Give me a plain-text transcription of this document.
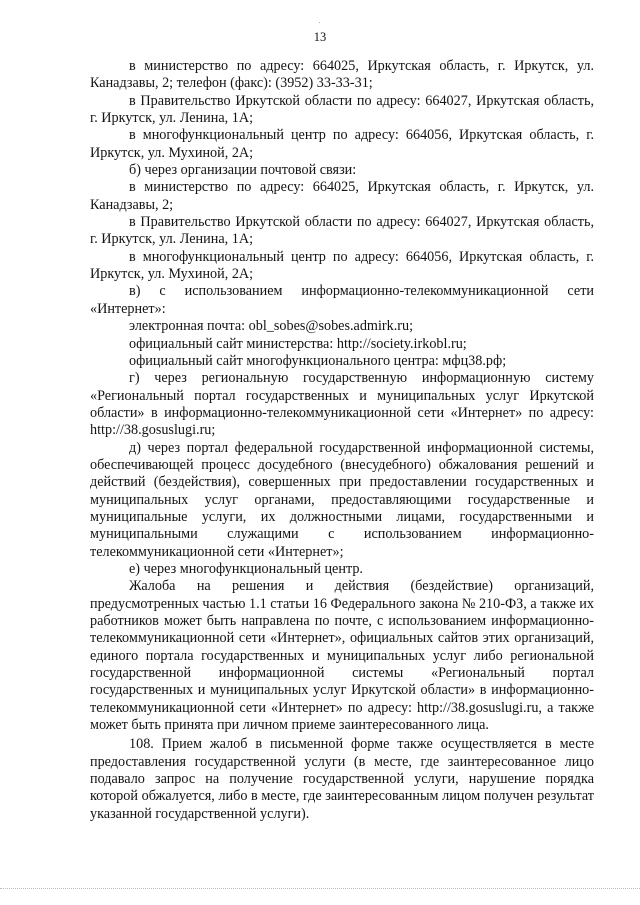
13

в министерство по адресу: 664025, Иркутская область, г. Иркутск, ул. Канадзавы, 2; телефон (факс): (3952) 33-33-31;

в Правительство Иркутской области по адресу: 664027, Иркутская область, г. Иркутск, ул. Ленина, 1А;

в многофункциональный центр по адресу: 664056, Иркутская область, г. Иркутск, ул. Мухиной, 2А;

б) через организации почтовой связи:

в министерство по адресу: 664025, Иркутская область, г. Иркутск, ул. Канадзавы, 2;

в Правительство Иркутской области по адресу: 664027, Иркутская область, г. Иркутск, ул. Ленина, 1А;

в многофункциональный центр по адресу: 664056, Иркутская область, г. Иркутск, ул. Мухиной, 2А;

в) с использованием информационно-телекоммуникационной сети «Интернет»:

электронная почта: obl_sobes@sobes.admirk.ru;

официальный сайт министерства: http://society.irkobl.ru;

официальный сайт многофункционального центра: мфц38.рф;

г) через региональную государственную информационную систему «Региональный портал государственных и муниципальных услуг Иркутской области» в информационно-телекоммуникационной сети «Интернет» по адресу: http://38.gosuslugi.ru;

д) через портал федеральной государственной информационной системы, обеспечивающей процесс досудебного (внесудебного) обжалования решений и действий (бездействия), совершенных при предоставлении государственных и муниципальных услуг органами, предоставляющими государственные и муниципальные услуги, их должностными лицами, государственными и муниципальными служащими с использованием информационно-телекоммуникационной сети «Интернет»;

е) через многофункциональный центр.

Жалоба на решения и действия (бездействие) организаций, предусмотренных частью 1.1 статьи 16 Федерального закона № 210-ФЗ, а также их работников может быть направлена по почте, с использованием информационно-телекоммуникационной сети «Интернет», официальных сайтов этих организаций, единого портала государственных и муниципальных услуг либо региональной государственной информационной системы «Региональный портал государственных и муниципальных услуг Иркутской области» в информационно-телекоммуникационной сети «Интернет» по адресу: http://38.gosuslugi.ru, а также может быть принята при личном приеме заинтересованного лица.

108. Прием жалоб в письменной форме также осуществляется в месте предоставления государственной услуги (в месте, где заинтересованное лицо подавало запрос на получение государственной услуги, нарушение порядка которой обжалуется, либо в месте, где заинтересованным лицом получен результат указанной государственной услуги).
